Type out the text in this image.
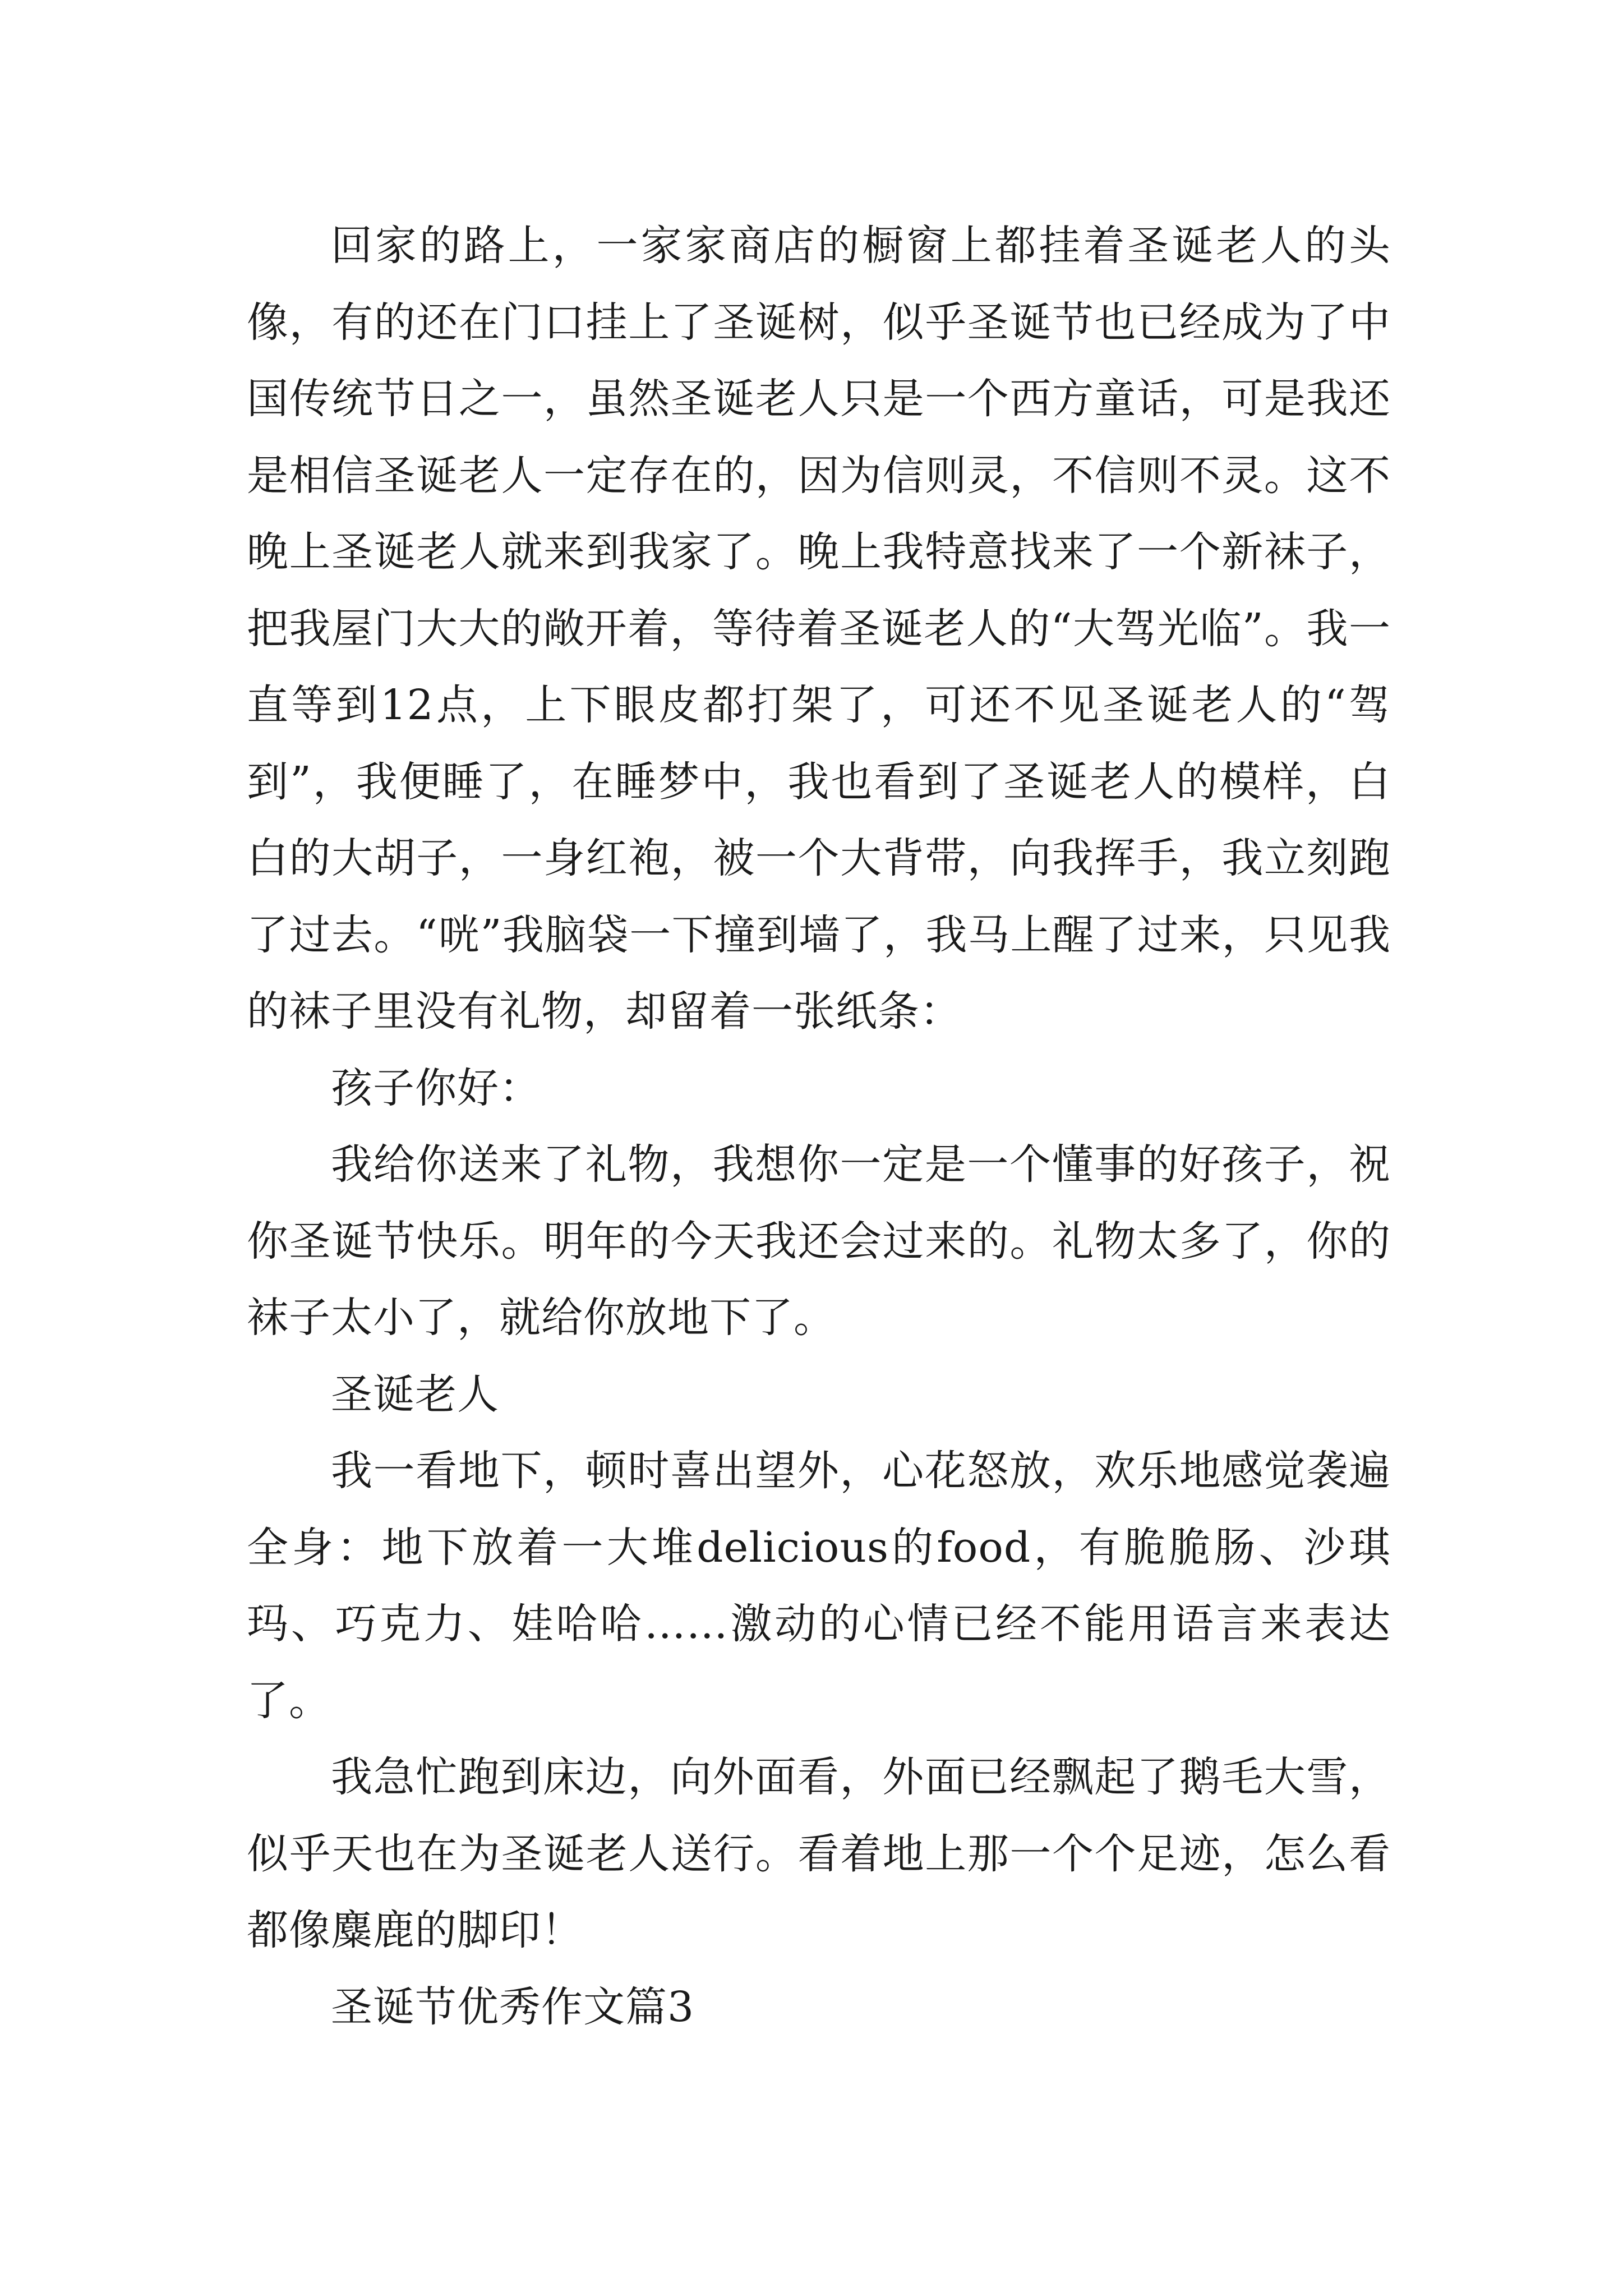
回家的路上，一家家商店的橱窗上都挂着圣诞老人的头像，有的还在门口挂上了圣诞树，似乎圣诞节也已经成为了中国传统节日之一，虽然圣诞老人只是一个西方童话，可是我还是相信圣诞老人一定存在的，因为信则灵，不信则不灵。这不晚上圣诞老人就来到我家了。晚上我特意找来了一个新袜子，把我屋门大大的敞开着，等待着圣诞老人的“大驾光临”。我一直等到12点，上下眼皮都打架了，可还不见圣诞老人的“驾到”，我便睡了，在睡梦中，我也看到了圣诞老人的模样，白白的大胡子，一身红袍，被一个大背带，向我挥手，我立刻跑了过去。“咣”我脑袋一下撞到墙了，我马上醒了过来，只见我的袜子里没有礼物，却留着一张纸条：

孩子你好：

我给你送来了礼物，我想你一定是一个懂事的好孩子，祝你圣诞节快乐。明年的今天我还会过来的。礼物太多了，你的袜子太小了，就给你放地下了。

圣诞老人

我一看地下，顿时喜出望外，心花怒放，欢乐地感觉袭遍全身：地下放着一大堆delicious的food，有脆脆肠、沙琪玛、巧克力、娃哈哈……激动的心情已经不能用语言来表达了。

我急忙跑到床边，向外面看，外面已经飘起了鹅毛大雪，似乎天也在为圣诞老人送行。看着地上那一个个足迹，怎么看都像麋鹿的脚印！

圣诞节优秀作文篇3
